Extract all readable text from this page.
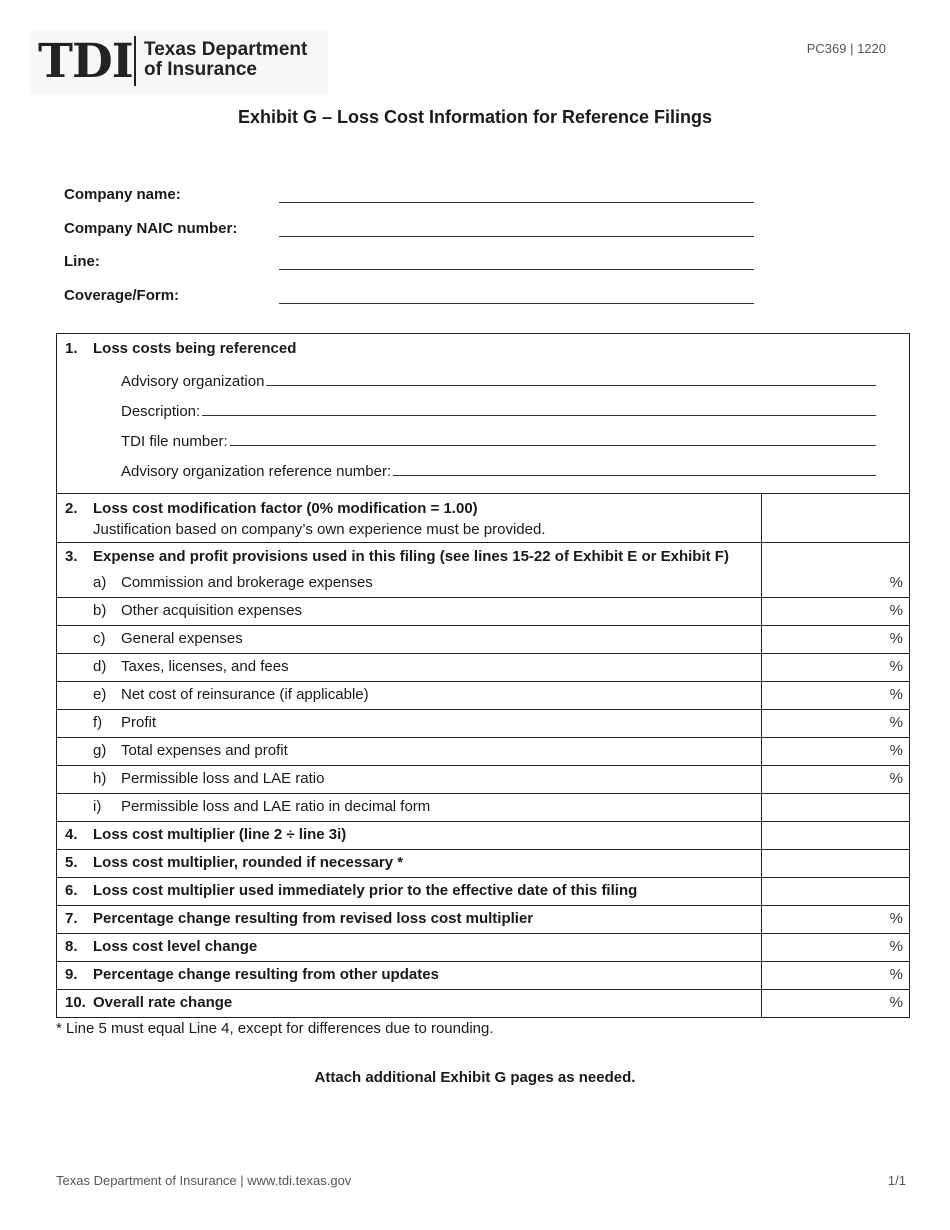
TDI Texas Department
of Insurance
PC369 | 1220
Exhibit G – Loss Cost Information for Reference Filings
Company name:
Company NAIC number:
Line:
Coverage/Form:
1. Loss costs being referenced
Advisory organization
Description:
TDI file number:
Advisory organization reference number:
2. Loss cost modification factor (0% modification = 1.00)
Justification based on company’s own experience must be provided.
3. Expense and profit provisions used in this filing (see lines 15-22 of Exhibit E or Exhibit F)
a) Commission and brokerage expenses	%
b) Other acquisition expenses	%
c) General expenses	%
d) Taxes, licenses, and fees	%
e) Net cost of reinsurance (if applicable)	%
f) Profit	%
g) Total expenses and profit	%
h) Permissible loss and LAE ratio	%
i) Permissible loss and LAE ratio in decimal form
4. Loss cost multiplier (line 2 ÷ line 3i)
5. Loss cost multiplier, rounded if necessary *
6. Loss cost multiplier used immediately prior to the effective date of this filing
7. Percentage change resulting from revised loss cost multiplier	%
8. Loss cost level change	%
9. Percentage change resulting from other updates	%
10. Overall rate change	%
* Line 5 must equal Line 4, except for differences due to rounding.
Attach additional Exhibit G pages as needed.
Texas Department of Insurance | www.tdi.texas.gov	1/1
